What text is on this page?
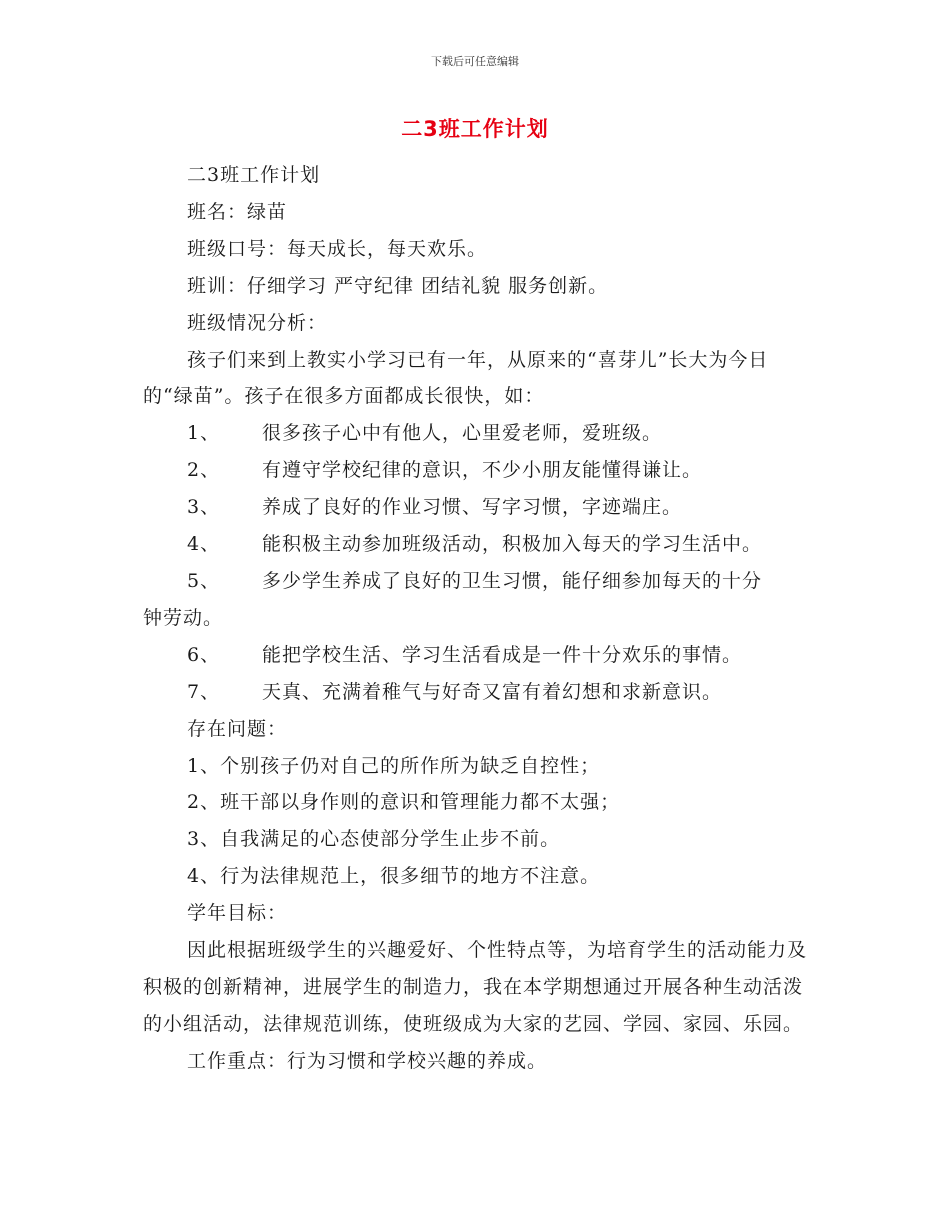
下载后可任意编辑
二3班工作计划

二3班工作计划

班名：绿苗

班级口号：每天成长，每天欢乐。

班训：仔细学习 严守纪律 团结礼貌 服务创新。

班级情况分析：

孩子们来到上教实小学习已有一年，从原来的“喜芽儿”长大为今日的“绿苗”。孩子在很多方面都成长很快，如：

1、 很多孩子心中有他人，心里爱老师，爱班级。

2、 有遵守学校纪律的意识，不少小朋友能懂得谦让。

3、 养成了良好的作业习惯、写字习惯，字迹端庄。

4、 能积极主动参加班级活动，积极加入每天的学习生活中。

5、 多少学生养成了良好的卫生习惯，能仔细参加每天的十分

钟劳动。

6、 能把学校生活、学习生活看成是一件十分欢乐的事情。

7、 天真、充满着稚气与好奇又富有着幻想和求新意识。

存在问题：

1、个别孩子仍对自己的所作所为缺乏自控性；

2、班干部以身作则的意识和管理能力都不太强；

3、自我满足的心态使部分学生止步不前。

4、行为法律规范上，很多细节的地方不注意。

学年目标：

因此根据班级学生的兴趣爱好、个性特点等，为培育学生的活动能力及积极的创新精神，进展学生的制造力，我在本学期想通过开展各种生动活泼的小组活动，法律规范训练，使班级成为大家的艺园、学园、家园、乐园。

工作重点：行为习惯和学校兴趣的养成。
